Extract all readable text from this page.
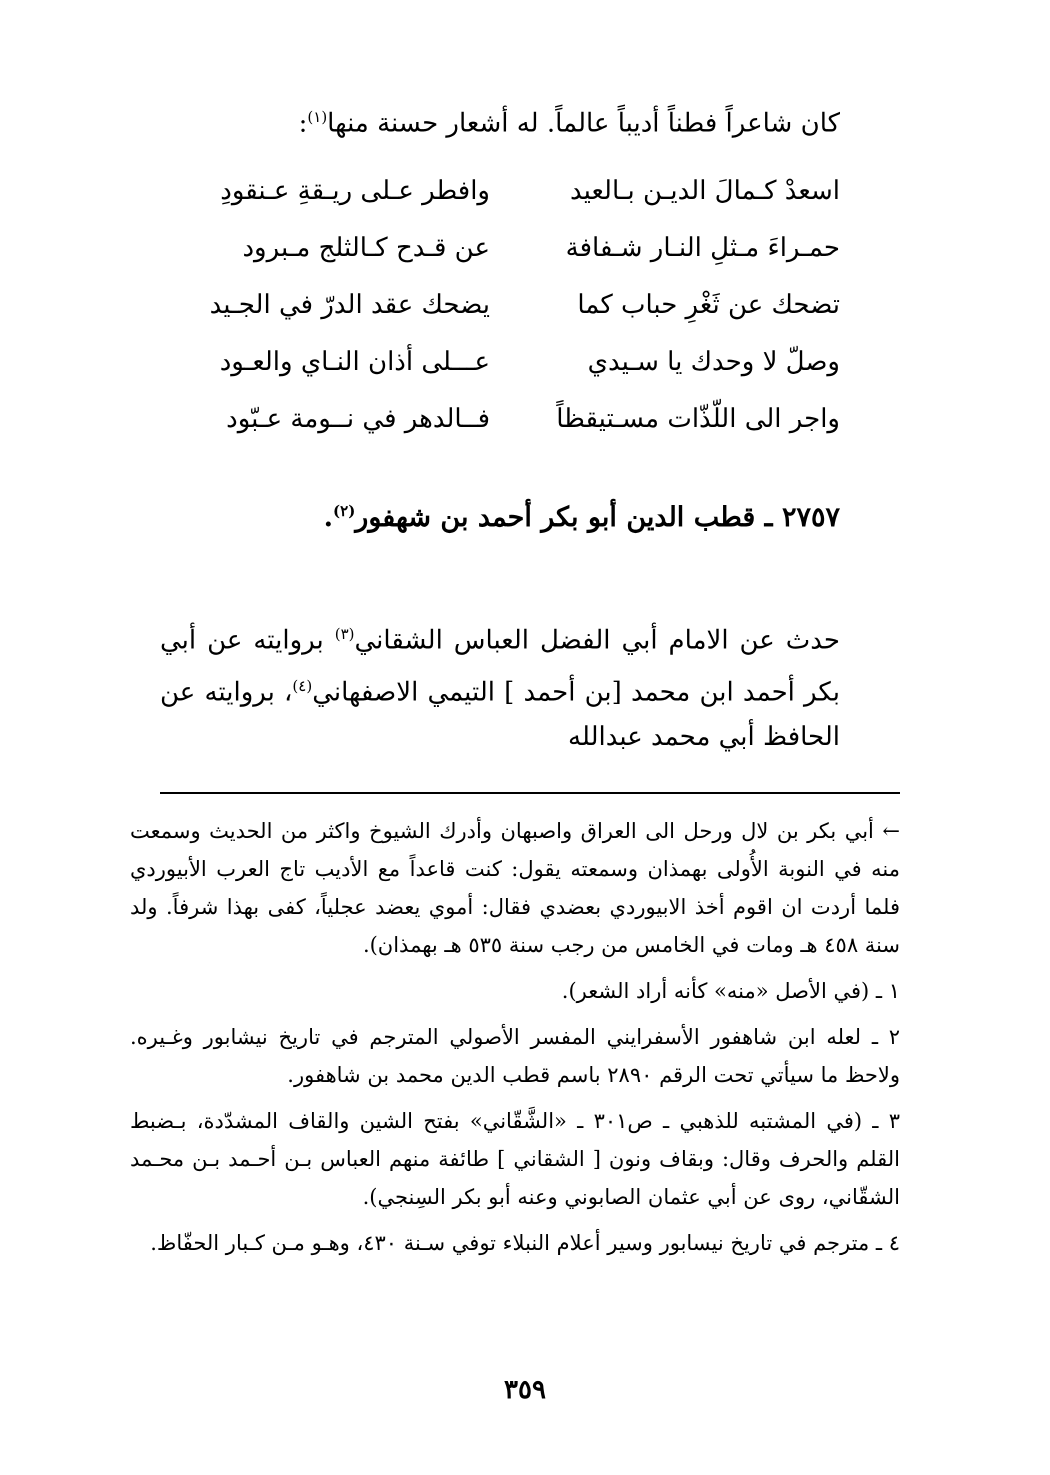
كان شاعراً فطناً أديباً عالماً. له أشعار حسنة منها$^{(١)}$:
اسعدْ كـمالَ الديـن بـالعيد
وافطر عـلى ريـقةِ عـنقودِ
حمـراءَ مـثلِ النـار شـفافة
عن قـدح كـالثلج مـبرود
تضحك عن ثَغْرِ حباب كما
يضحك عقد الدرّ في الجـيد
وصلّ لا وحدك يا سـيدي
عـــلى أذان النـاي والعـود
واجر الى اللّذّات مسـتيقظاً
فــالدهر في نــومة عـبّود
٢٧٥٧ ـ قطب الدين أبو بكر أحمد بن شهفور$^{(٢)}$.
حدث عن الامام أبي الفضل العباس الشقاني$^{(٣)}$ بروايته عن أبي بكر أحمد ابن محمد [بن أحمد ] التيمي الاصفهاني$^{(٤)}$، بروايته عن الحافظ أبي محمد عبدالله

← أبي بكر بن لال ورحل الى العراق واصبهان وأدرك الشيوخ واكثر من الحديث وسمعت منه في النوبة الأُولى بهمذان وسمعته يقول: كنت قاعداً مع الأديب تاج العرب الأبيوردي فلما أردت ان اقوم أخذ الابيوردي بعضدي فقال: أموي يعضد عجلياً، كفى بهذا شرفاً. ولد سنة ٤٥٨ هـ ومات في الخامس من رجب سنة ٥٣٥ هـ بهمذان).

١ ـ (في الأصل «منه» كأنه أراد الشعر).

٢ ـ لعله ابن شاهفور الأسفرايني المفسر الأصولي المترجم في تاريخ نيشابور وغـيره. ولاحظ ما سيأتي تحت الرقم ٢٨٩٠ باسم قطب الدين محمد بن شاهفور.

٣ ـ (في المشتبه للذهبي ـ ص٣٠١ ـ «الشَّقّاني» بفتح الشين والقاف المشدّدة، بـضبط القلم والحرف وقال: وبقاف ونون [ الشقاني ] طائفة منهم العباس بـن أحـمد بـن محـمد الشقّاني، روى عن أبي عثمان الصابوني وعنه أبو بكر السِنجي).

٤ ـ مترجم في تاريخ نيسابور وسير أعلام النبلاء توفي سـنة ٤٣٠، وهـو مـن كـبار الحفّاظ.

٣٥٩
